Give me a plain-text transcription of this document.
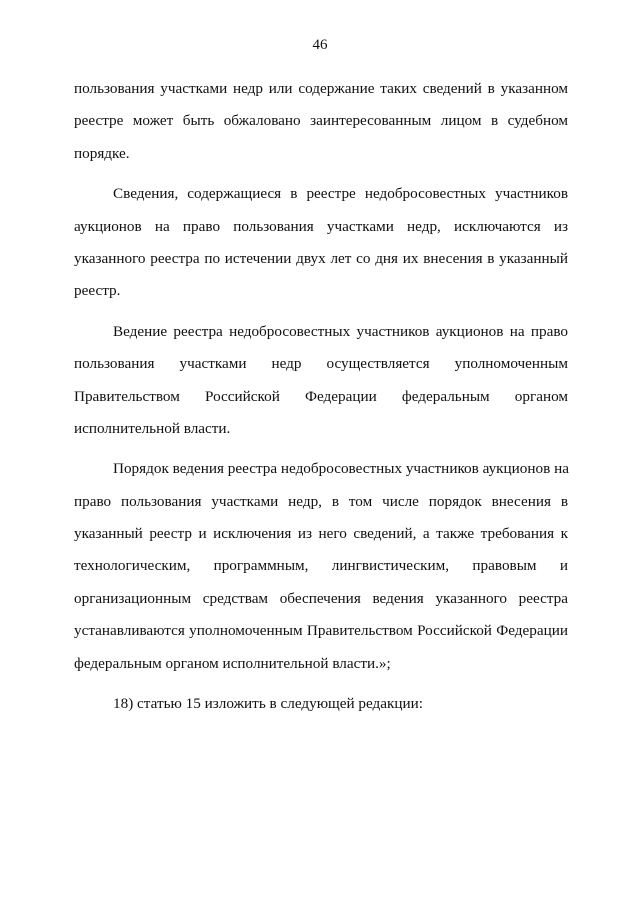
46

пользования участками недр или содержание таких сведений в указанном
реестре может быть обжаловано заинтересованным лицом в судебном
порядке.

Сведения, содержащиеся в реестре недобросовестных участников
аукционов на право пользования участками недр, исключаются из
указанного реестра по истечении двух лет со дня их внесения в указанный
реестр.

Ведение реестра недобросовестных участников аукционов на право
пользования участками недр осуществляется уполномоченным
Правительством Российской Федерации федеральным органом
исполнительной власти.

Порядок ведения реестра недобросовестных участников аукционов на
право пользования участками недр, в том числе порядок внесения в
указанный реестр и исключения из него сведений, а также требования к
технологическим, программным, лингвистическим, правовым и
организационным средствам обеспечения ведения указанного реестра
устанавливаются уполномоченным Правительством Российской Федерации
федеральным органом исполнительной власти.»;

18) статью 15 изложить в следующей редакции:
